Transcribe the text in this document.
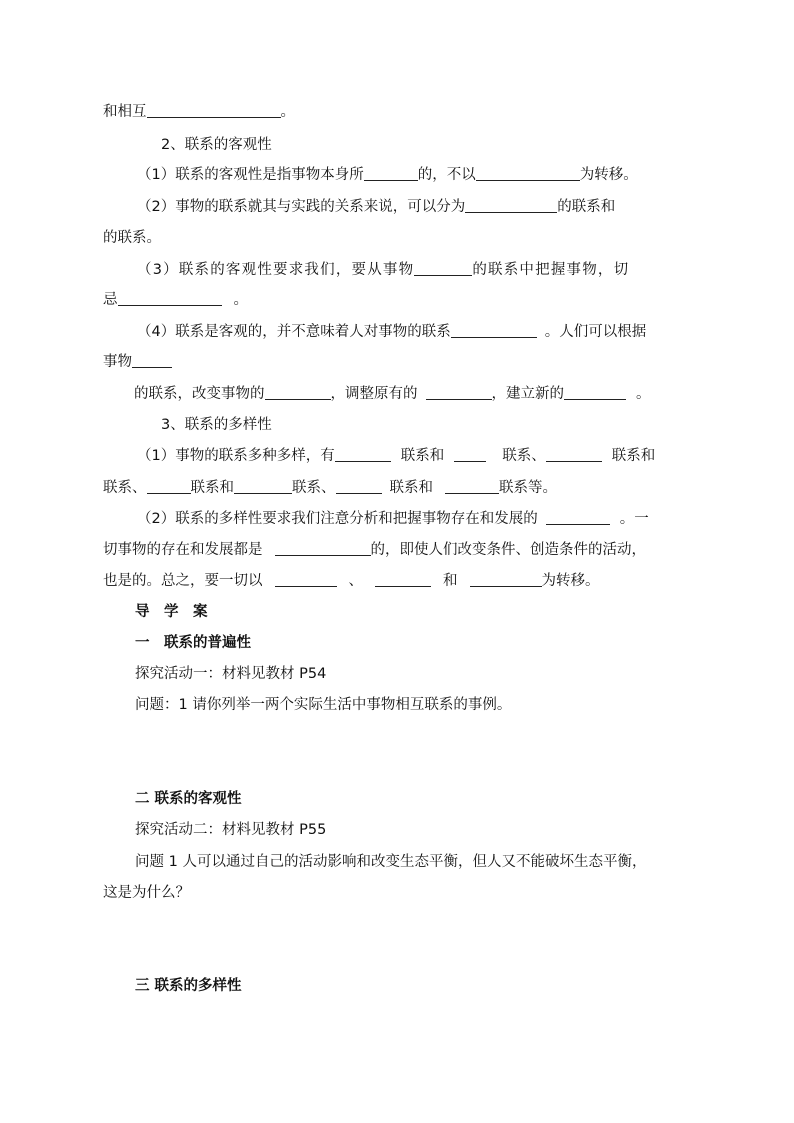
和相互	。
2、联系的客观性
（1）联系的客观性是指事物本身所	的，不以	为转移。
（2）事物的联系就其与实践的关系来说，可以分为	的联系和
的联系。
（3）联系的客观性要求我们，要从事物	的联系中把握事物，切
忌	。
（4）联系是客观的，并不意味着人对事物的联系	。人们可以根据
事物
的联系，改变事物的	，调整原有的	，建立新的	。
3、联系的多样性
（1）事物的联系多种多样，有	联系和	联系、	联系和
联系、	联系和	联系、	联系和	联系等。
（2）联系的多样性要求我们注意分析和把握事物存在和发展的	。一
切事物的存在和发展都是	的，即使人们改变条件、创造条件的活动，
也是的。总之，要一切以	、	和	为转移。
导　学　案
一　联系的普遍性
探究活动一：材料见教材 P54
问题：1 请你列举一两个实际生活中事物相互联系的事例。
二 联系的客观性
探究活动二：材料见教材 P55
问题 1 人可以通过自己的活动影响和改变生态平衡，但人又不能破坏生态平衡，
这是为什么？
三 联系的多样性
